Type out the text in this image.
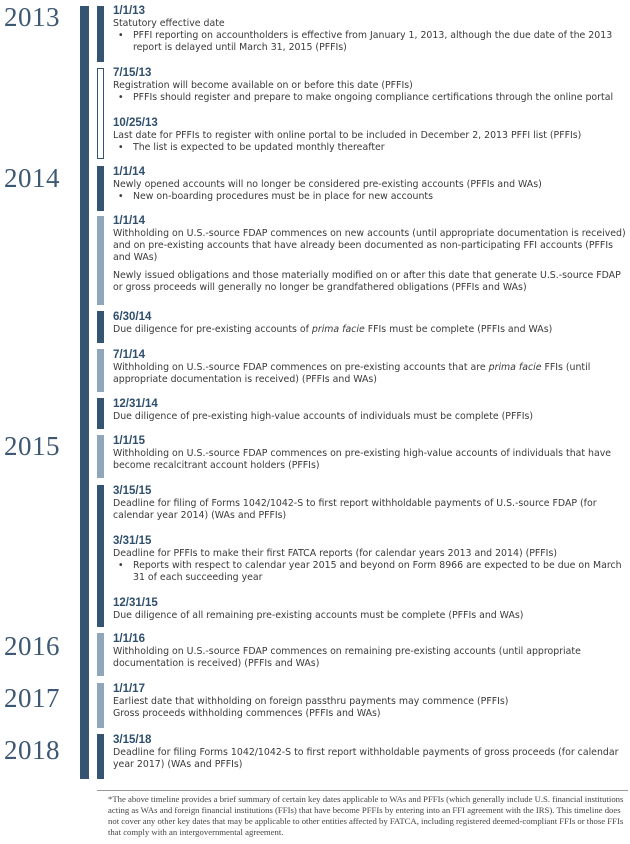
2013
2014
2015
2016
2017
2018
1/1/13
Statutory effective date
• PFFI reporting on accountholders is effective from January 1, 2013, although the due date of the 2013 report is delayed until March 31, 2015 (PFFIs)
7/15/13
Registration will become available on or before this date (PFFIs)
• PFFIs should register and prepare to make ongoing compliance certifications through the online portal
10/25/13
Last date for PFFIs to register with online portal to be included in December 2, 2013 PFFI list (PFFIs)
• The list is expected to be updated monthly thereafter
1/1/14
Newly opened accounts will no longer be considered pre-existing accounts (PFFIs and WAs)
• New on-boarding procedures must be in place for new accounts
1/1/14
Withholding on U.S.-source FDAP commences on new accounts (until appropriate documentation is received) and on pre-existing accounts that have already been documented as non-participating FFI accounts (PFFIs and WAs)
Newly issued obligations and those materially modified on or after this date that generate U.S.-source FDAP or gross proceeds will generally no longer be grandfathered obligations (PFFIs and WAs)
6/30/14
Due diligence for pre-existing accounts of prima facie FFIs must be complete (PFFIs and WAs)
7/1/14
Withholding on U.S.-source FDAP commences on pre-existing accounts that are prima facie FFIs (until appropriate documentation is received) (PFFIs and WAs)
12/31/14
Due diligence of pre-existing high-value accounts of individuals must be complete (PFFIs)
1/1/15
Withholding on U.S.-source FDAP commences on pre-existing high-value accounts of individuals that have become recalcitrant account holders (PFFIs)
3/15/15
Deadline for filing of Forms 1042/1042-S to first report withholdable payments of U.S.-source FDAP (for calendar year 2014) (WAs and PFFIs)
3/31/15
Deadline for PFFIs to make their first FATCA reports (for calendar years 2013 and 2014) (PFFIs)
• Reports with respect to calendar year 2015 and beyond on Form 8966 are expected to be due on March 31 of each succeeding year
12/31/15
Due diligence of all remaining pre-existing accounts must be complete (PFFIs and WAs)
1/1/16
Withholding on U.S.-source FDAP commences on remaining pre-existing accounts (until appropriate documentation is received) (PFFIs and WAs)
1/1/17
Earliest date that withholding on foreign passthru payments may commence (PFFIs)
Gross proceeds withholding commences (PFFIs and WAs)
3/15/18
Deadline for filing Forms 1042/1042-S to first report withholdable payments of gross proceeds (for calendar year 2017) (WAs and PFFIs)
*The above timeline provides a brief summary of certain key dates applicable to WAs and PFFIs (which generally include U.S. financial institutions acting as WAs and foreign financial institutions (FFIs) that have become PFFIs by entering into an FFI agreement with the IRS). This timeline does not cover any other key dates that may be applicable to other entities affected by FATCA, including registered deemed-compliant FFIs or those FFIs that comply with an intergovernmental agreement.
